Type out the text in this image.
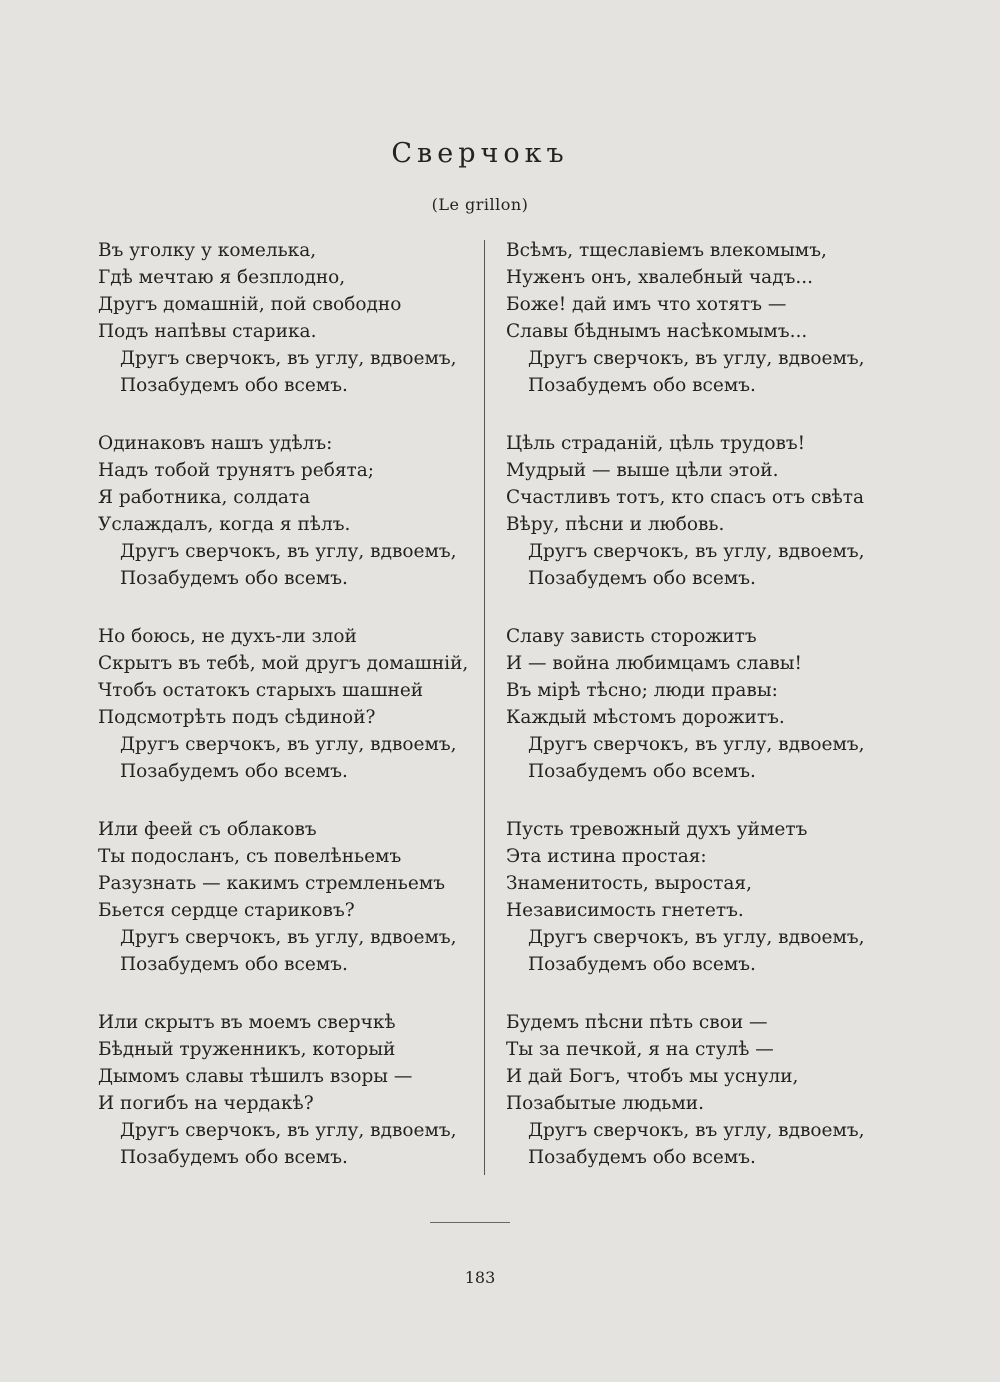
Сверчокъ
(Le grillon)
Въ уголку у комелька,
Гдѣ мечтаю я безплодно,
Другъ домашнiй, пой свободно
Подъ напѣвы старика.
Другъ сверчокъ, въ углу, вдвоемъ,
Позабудемъ обо всемъ.
Одинаковъ нашъ удѣлъ:
Надъ тобой трунятъ ребята;
Я работника, солдата
Услаждалъ, когда я пѣлъ.
Другъ сверчокъ, въ углу, вдвоемъ,
Позабудемъ обо всемъ.
Но боюсь, не духъ-ли злой
Скрытъ въ тебѣ, мой другъ домашнiй,
Чтобъ остатокъ старыхъ шашней
Подсмотрѣть подъ сѣдиной?
Другъ сверчокъ, въ углу, вдвоемъ,
Позабудемъ обо всемъ.
Или феей съ облаковъ
Ты подосланъ, съ повелѣньемъ
Разузнать — какимъ стремленьемъ
Бьется сердце стариковъ?
Другъ сверчокъ, въ углу, вдвоемъ,
Позабудемъ обо всемъ.
Или скрытъ въ моемъ сверчкѣ
Бѣдный труженникъ, который
Дымомъ славы тѣшилъ взоры —
И погибъ на чердакѣ?
Другъ сверчокъ, въ углу, вдвоемъ,
Позабудемъ обо всемъ.
Всѣмъ, тщеславiемъ влекомымъ,
Нуженъ онъ, хвалебный чадъ...
Боже! дай имъ что хотятъ —
Славы бѣднымъ насѣкомымъ...
Другъ сверчокъ, въ углу, вдвоемъ,
Позабудемъ обо всемъ.
Цѣль страданiй, цѣль трудовъ!
Мудрый — выше цѣли этой.
Счастливъ тотъ, кто спасъ отъ свѣта
Вѣру, пѣсни и любовь.
Другъ сверчокъ, въ углу, вдвоемъ,
Позабудемъ обо всемъ.
Славу зависть сторожитъ
И — война любимцамъ славы!
Въ мiрѣ тѣсно; люди правы:
Каждый мѣстомъ дорожитъ.
Другъ сверчокъ, въ углу, вдвоемъ,
Позабудемъ обо всемъ.
Пусть тревожный духъ уйметъ
Эта истина простая:
Знаменитость, выростая,
Независимость гнететъ.
Другъ сверчокъ, въ углу, вдвоемъ,
Позабудемъ обо всемъ.
Будемъ пѣсни пѣть свои —
Ты за печкой, я на стулѣ —
И дай Богъ, чтобъ мы уснули,
Позабытые людьми.
Другъ сверчокъ, въ углу, вдвоемъ,
Позабудемъ обо всемъ.
183
